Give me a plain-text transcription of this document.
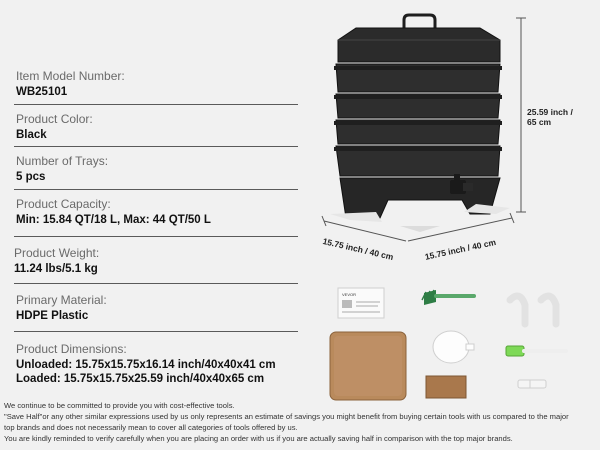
Item Model Number:
WB25101
Product Color:
Black
Number of Trays:
5 pcs
Product Capacity:
Min: 15.84 QT/18 L, Max: 44 QT/50 L
Product Weight:
11.24 lbs/5.1 kg
Primary Material:
HDPE Plastic
Product Dimensions:
Unloaded: 15.75x15.75x16.14 inch/40x40x41 cm
Loaded: 15.75x15.75x25.59 inch/40x40x65 cm
VEVOR
25.59 inch /
65 cm
15.75 inch / 40 cm	15.75 inch / 40 cm
We continue to be committed to provide you with cost-effective tools.
"Save Half"or any other similar expressions used by us only represents an estimate of savings you might benefit from buying certain tools with us compared to the major
top brands and does not necessarily mean to cover all categories of tools offered by us.
You are kindly reminded to verify carefully when you are placing an order with us if you are actually saving half in comparison with the top major brands.
